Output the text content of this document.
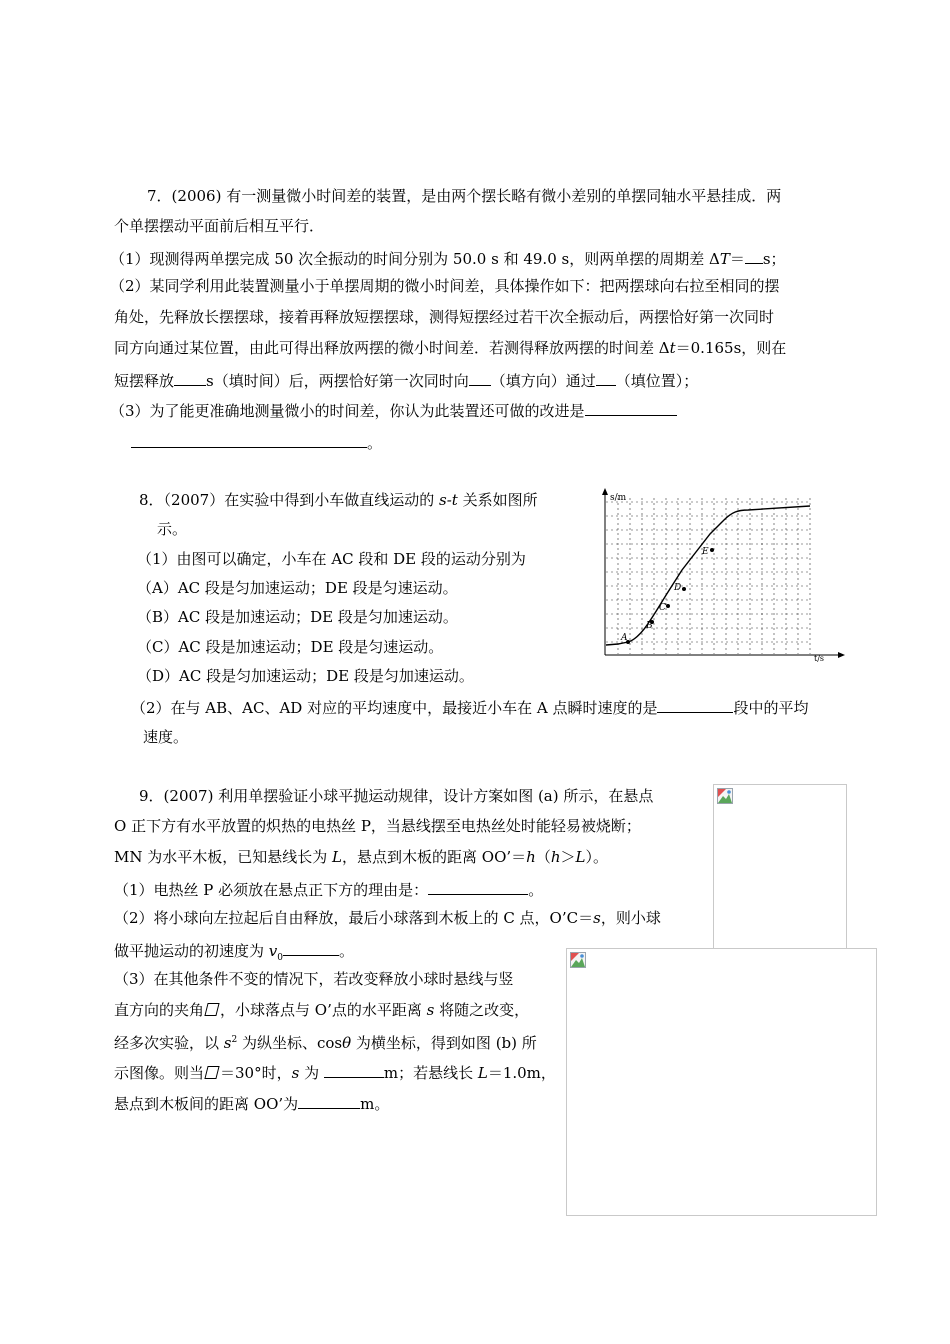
7．(2006) 有一测量微小时间差的装置，是由两个摆长略有微小差别的单摆同轴水平悬挂成．两
个单摆摆动平面前后相互平行．
（1）现测得两单摆完成 50 次全振动的时间分别为 50.0 s 和 49.0 s，则两单摆的周期差 ΔT＝ s；
（2）某同学利用此装置测量小于单摆周期的微小时间差，具体操作如下：把两摆球向右拉至相同的摆
角处，先释放长摆摆球，接着再释放短摆摆球，测得短摆经过若干次全振动后，两摆恰好第一次同时
同方向通过某位置，由此可得出释放两摆的微小时间差．若测得释放两摆的时间差 Δt＝0.165s，则在
短摆释放 s（填时间）后，两摆恰好第一次同时向 （填方向）通过 （填位置）；
（3）为了能更准确地测量微小的时间差，你认为此装置还可做的改进是
。
8．（2007）在实验中得到小车做直线运动的 s-t 关系如图所
示。
（1）由图可以确定，小车在 AC 段和 DE 段的运动分别为
（A）AC 段是匀加速运动；DE 段是匀速运动。
（B）AC 段是加速运动；DE 段是匀加速运动。
（C）AC 段是加速运动；DE 段是匀速运动。
（D）AC 段是匀加速运动；DE 段是匀加速运动。
（2）在与 AB、AC、AD 对应的平均速度中，最接近小车在 A 点瞬时速度的是	段中的平均
速度。
s/m
t/s
A
B
C
D
E
9．(2007) 利用单摆验证小球平抛运动规律，设计方案如图 (a) 所示，在悬点
O 正下方有水平放置的炽热的电热丝 P，当悬线摆至电热丝处时能轻易被烧断；
MN 为水平木板，已知悬线长为 L，悬点到木板的距离 OO’＝h（h＞L）。
（1）电热丝 P 必须放在悬点正下方的理由是：	。
（2）将小球向左拉起后自由释放，最后小球落到木板上的 C 点，O’C＝s，则小球
做平抛运动的初速度为 $v_0$	。
（3）在其他条件不变的情况下，若改变释放小球时悬线与竖
直方向的夹角 ，小球落点与 O’点的水平距离 s 将随之改变，
经多次实验，以 $s^2$ 为纵坐标、cosθ 为横坐标，得到如图 (b) 所
示图像。则当 ＝30°时，s 为	m；若悬线长 L＝1.0m，
悬点到木板间的距离 OO’为	m。
